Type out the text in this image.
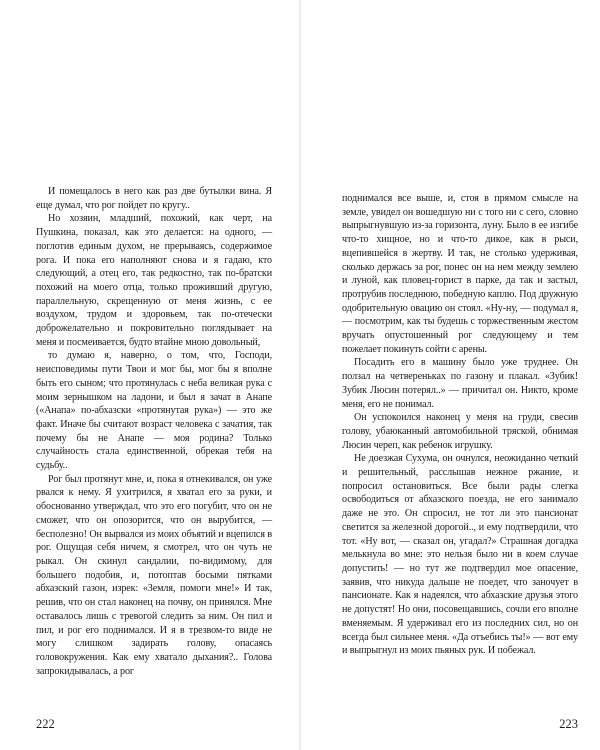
И помещалось в него как раз две бутылки вина. Я еще думал, что рог пойдет по кругу..

Но хозяин, младший, похожий, как черт, на Пушкина, показал, как это делается: на одного, — поглотив единым духом, не прерываясь, содержимое рога. И пока его наполняют снова и я гадаю, кто следующий, а отец его, так редкостно, так по-братски похожий на моего отца, только проживший другую, параллельную, скрещенную от меня жизнь, с ее воздухом, трудом и здоровьем, так по-отечески доброжелательно и покровительно поглядывает на меня и посмеивается, будто втайне мною довольный,

то думаю я, наверно, о том, что, Господи, неисповедимы пути Твои и мог бы, мог бы я вполне быть его сыном; что протянулась с неба великая рука с моим зернышком на ладони, и был я зачат в Анапе («Анапа» по-абхазски «протянутая рука») — это же факт. Иначе бы считают возраст человека с зачатия, так почему бы не Анапе — моя родина? Только случайность стала единственной, обрекая тебя на судьбу..

Рог был протянут мне, и, пока я отнекивался, он уже рвался к нему. Я ухитрился, я хватал его за руки, и обоснованно утверждал, что это его погубит, что он не сможет, что он опозорится, что он вырубится, — бесполезно! Он вырвался из моих объятий и вцепился в рог. Ощущая себя ничем, я смотрел, что он чуть не рыкал. Он скинул сандалии, по-видимому, для большего подобия, и, потоптав босыми пятками абхазский газон, изрек: «Земля, помоги мне!» И так, решив, что он стал наконец на почву, он принялся. Мне оставалось лишь с тревогой следить за ним. Он пил и пил, и рог его поднимался. И я в трезвом-то виде не могу слишком задирать голову, опасаясь головокружения. Как ему хватало дыхания?.. Голова запрокидывалась, а рог

222

поднимался все выше, и, стоя в прямом смысле на земле, увидел он вошедшую ни с того ни с сего, словно выпрыгнувшую из-за горизонта, луну. Было в ее изгибе что-то хищное, но и что-то дикое, как в рыси, вцепившейся в жертву. И так, не столько удерживая, сколько держась за рог, понес он на нем между землею и луной, как пловец-горист в парке, да так и застыл, протрубив последнюю, победную каплю. Под дружную одобрительную овацию он стоял. «Ну-ну, — подумал я, — посмотрим, как ты будешь с торжественным жестом вручать опустошенный рог следующему и тем пожелает покинуть сойти с арены.

Посадить его в машину было уже труднее. Он ползал на четвереньках по газону и плакал. «Зубик! Зубик Люсин потерял..» — причитал он. Никто, кроме меня, его не понимал.

Он успокоился наконец у меня на груди, свесив голову, убаюканный автомобильной тряской, обнимая Люсин череп, как ребенок игрушку.

Не доезжая Сухума, он очнулся, неожиданно четкий и решительный, расслышав нежное ржание, и попросил остановиться. Все были рады слегка освободиться от абхазского поезда, не его занимало даже не это. Он спросил, не тот ли это пансионат светится за железной дорогой.., и ему подтвердили, что тот. «Ну вот, — сказал он, угадал?» Страшная догадка мелькнула во мне: это нельзя было ни в коем случае допустить! — но тут же подтвердил мое опасение, заявив, что никуда дальше не поедет, что заночует в пансионате. Как я надеялся, что абхазские друзья этого не допустят! Но они, посовещавшись, сочли его вполне вменяемым. Я удерживал его из последних сил, но он всегда был сильнее меня. «Да отъебись ты!» — вот ему и выпрыгнул из моих пьяных рук. И побежал.

223
